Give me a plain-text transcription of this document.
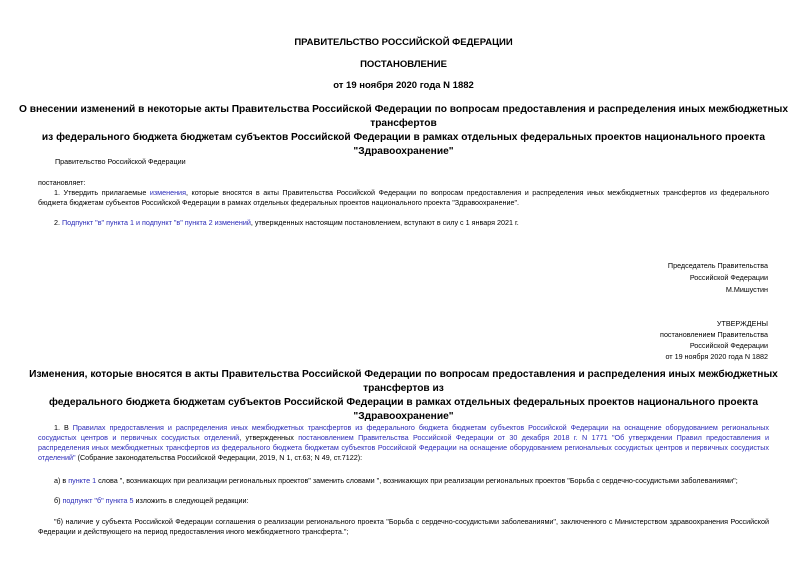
ПРАВИТЕЛЬСТВО РОССИЙСКОЙ ФЕДЕРАЦИИ
ПОСТАНОВЛЕНИЕ
от 19 ноября 2020 года N 1882
О внесении изменений в некоторые акты Правительства Российской Федерации по вопросам предоставления и распределения иных межбюджетных трансфертов
из федерального бюджета бюджетам субъектов Российской Федерации в рамках отдельных федеральных проектов национального проекта "Здравоохранение"
Правительство Российской Федерации
постановляет:
1. Утвердить прилагаемые изменения, которые вносятся в акты Правительства Российской Федерации по вопросам предоставления и распределения иных межбюджетных трансфертов из федерального бюджета бюджетам субъектов Российской Федерации в рамках отдельных федеральных проектов национального проекта "Здравоохранение".
2. Подпункт "в" пункта 1 и подпункт "в" пункта 2 изменений, утвержденных настоящим постановлением, вступают в силу с 1 января 2021 г.
Председатель Правительства
Российской Федерации
М.Мишустин
УТВЕРЖДЕНЫ
постановлением Правительства
Российской Федерации
от 19 ноября 2020 года N 1882
Изменения, которые вносятся в акты Правительства Российской Федерации по вопросам предоставления и распределения иных межбюджетных трансфертов из
федерального бюджета бюджетам субъектов Российской Федерации в рамках отдельных федеральных проектов национального проекта "Здравоохранение"
1. В Правилах предоставления и распределения иных межбюджетных трансфертов из федерального бюджета бюджетам субъектов Российской Федерации на оснащение оборудованием региональных сосудистых центров и первичных сосудистых отделений, утвержденных постановлением Правительства Российской Федерации от 30 декабря 2018 г. N 1771 "Об утверждении Правил предоставления и распределения иных межбюджетных трансфертов из федерального бюджета бюджетам субъектов Российской Федерации на оснащение оборудованием региональных сосудистых центров и первичных сосудистых отделений" (Собрание законодательства Российской Федерации, 2019, N 1, ст.63; N 49, ст.7122):
а) в пункте 1 слова ", возникающих при реализации региональных проектов" заменить словами ", возникающих при реализации региональных проектов "Борьба с сердечно-сосудистыми заболеваниями";
б) подпункт "б" пункта 5 изложить в следующей редакции:
"б) наличие у субъекта Российской Федерации соглашения о реализации регионального проекта "Борьба с сердечно-сосудистыми заболеваниями", заключенного с Министерством здравоохранения Российской Федерации и действующего на период предоставления иного межбюджетного трансферта.";
